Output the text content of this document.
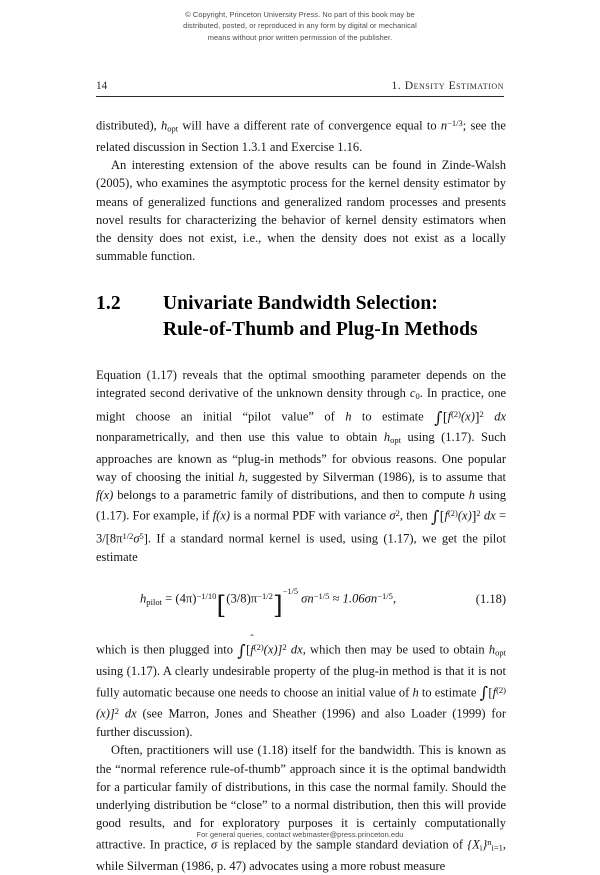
© Copyright, Princeton University Press. No part of this book may be
distributed, posted, or reproduced in any form by digital or mechanical
means without prior written permission of the publisher.
14	1. Density Estimation

distributed), $h_{opt}$ will have a different rate of convergence equal to $n^{-1/3}$; see the related discussion in Section 1.3.1 and Exercise 1.16.

An interesting extension of the above results can be found in Zinde-Walsh (2005), who examines the asymptotic process for the kernel density estimator by means of generalized functions and generalized random processes and presents novel results for characterizing the behavior of kernel density estimators when the density does not exist, i.e., when the density does not exist as a locally summable function.

1.2 Univariate Bandwidth Selection:
Rule-of-Thumb and Plug-In Methods

Equation (1.17) reveals that the optimal smoothing parameter depends on the integrated second derivative of the unknown density through $c_0$. In practice, one might choose an initial “pilot value” of h to estimate $\int[f^{(2)}(x)]^2$ dx nonparametrically, and then use this value to obtain $h_{opt}$ using (1.17). Such approaches are known as “plug-in methods” for obvious reasons. One popular way of choosing the initial h, suggested by Silverman (1986), is to assume that f(x) belongs to a parametric family of distributions, and then to compute h using (1.17). For example, if f(x) is a normal PDF with variance $\sigma^2$, then $\int[f^{(2)}(x)]^2$ dx = $3/[8\pi^{1/2}\sigma^5]$. If a standard normal kernel is used, using (1.17), we get the pilot estimate

$h_{pilot} = (4\pi)^{-1/10}[(3/8)\pi^{-1/2}]^{-1/5}$ $\sigma n^{-1/5} \approx 1.06\sigma n^{-1/5}$,	(1.18)

which is then plugged into ∫[
ˆ
$f^{(2)}(x)]^2$ dx, which then may be used to obtain $h_{opt}$ using (1.17). A clearly undesirable property of the plug-in method is that it is not fully automatic because one needs to choose an initial value of h to estimate $\int[f^{(2)}(x)]^2$ dx (see Marron, Jones and Sheather (1996) and also Loader (1999) for further discussion).

Often, practitioners will use (1.18) itself for the bandwidth. This is known as the “normal reference rule-of-thumb” approach since it is the optimal bandwidth for a particular family of distributions, in this case the normal family. Should the underlying distribution be “close” to a normal distribution, then this will provide good results, and for exploratory purposes it is certainly computationally attractive. In practice, σ is replaced by the sample standard deviation of $\{X_i\}^n_{i=1}$, while Silverman (1986, p. 47) advocates using a more robust measure

For general queries, contact webmaster@press.princeton.edu
